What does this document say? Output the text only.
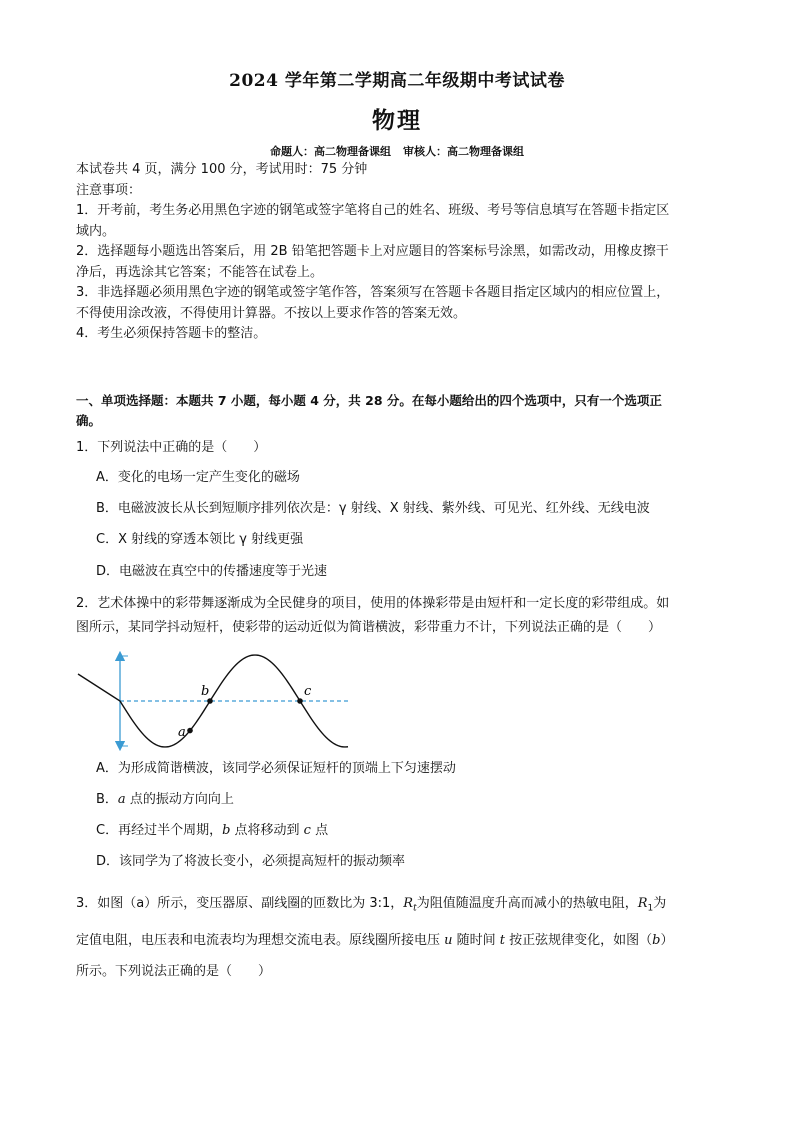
2024 学年第二学期高二年级期中考试试卷
物理
命题人：高二物理备课组 审核人：高二物理备课组
本试卷共 4 页，满分 100 分，考试用时：75 分钟
注意事项：
1．开考前，考生务必用黑色字迹的钢笔或签字笔将自己的姓名、班级、考号等信息填写在答题卡指定区
域内。
2．选择题每小题选出答案后，用 2B 铅笔把答题卡上对应题目的答案标号涂黑，如需改动，用橡皮擦干
净后，再选涂其它答案；不能答在试卷上。
3．非选择题必须用黑色字迹的钢笔或签字笔作答，答案须写在答题卡各题目指定区域内的相应位置上，
不得使用涂改液，不得使用计算器。不按以上要求作答的答案无效。
4．考生必须保持答题卡的整洁。
一、单项选择题：本题共 7 小题，每小题 4 分，共 28 分。在每小题给出的四个选项中，只有一个选项正
确。
1．下列说法中正确的是（　　）
A．变化的电场一定产生变化的磁场
B．电磁波波长从长到短顺序排列依次是：γ 射线、X 射线、紫外线、可见光、红外线、无线电波
C．X 射线的穿透本领比 γ 射线更强
D．电磁波在真空中的传播速度等于光速
2．艺术体操中的彩带舞逐渐成为全民健身的项目，使用的体操彩带是由短杆和一定长度的彩带组成。如
图所示，某同学抖动短杆，使彩带的运动近似为简谐横波，彩带重力不计，下列说法正确的是（　　）
a
b	c
A．为形成简谐横波，该同学必须保证短杆的顶端上下匀速摆动
B．a 点的振动方向向上
C．再经过半个周期，b 点将移动到 c 点
D．该同学为了将波长变小，必须提高短杆的振动频率
3．如图（a）所示，变压器原、副线圈的匝数比为 3:1，$R_t$为阻值随温度升高而减小的热敏电阻，$R_1$为
定值电阻，电压表和电流表均为理想交流电表。原线圈所接电压 u 随时间 t 按正弦规律变化，如图（b）
所示。下列说法正确的是（　　）
